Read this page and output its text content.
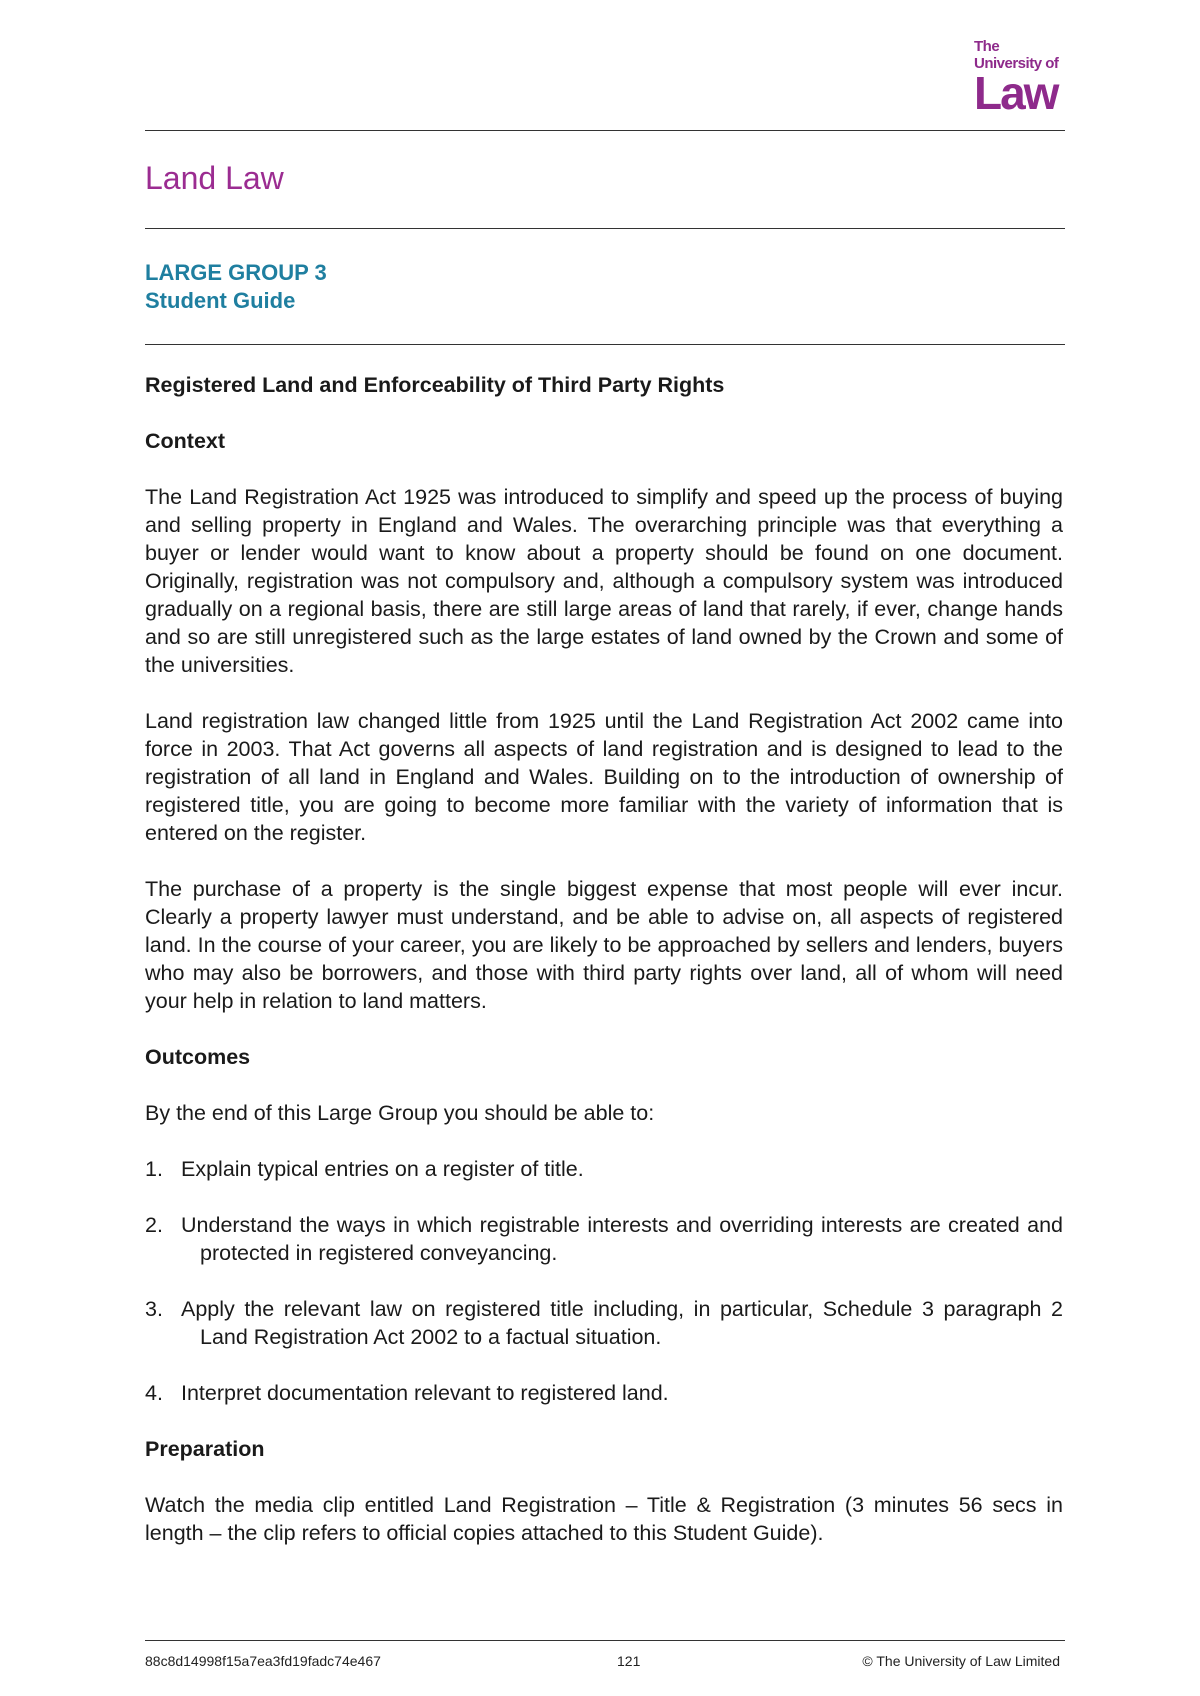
The
University of
Law
Land Law
LARGE GROUP 3
Student Guide
Registered Land and Enforceability of Third Party Rights
Context

The Land Registration Act 1925 was introduced to simplify and speed up the process of buying and selling property in England and Wales. The overarching principle was that everything a buyer or lender would want to know about a property should be found on one document. Originally, registration was not compulsory and, although a compulsory system was introduced gradually on a regional basis, there are still large areas of land that rarely, if ever, change hands and so are still unregistered such as the large estates of land owned by the Crown and some of the universities.

Land registration law changed little from 1925 until the Land Registration Act 2002 came into force in 2003. That Act governs all aspects of land registration and is designed to lead to the registration of all land in England and Wales. Building on to the introduction of ownership of registered title, you are going to become more familiar with the variety of information that is entered on the register.

The purchase of a property is the single biggest expense that most people will ever incur. Clearly a property lawyer must understand, and be able to advise on, all aspects of registered land. In the course of your career, you are likely to be approached by sellers and lenders, buyers who may also be borrowers, and those with third party rights over land, all of whom will need your help in relation to land matters.

Outcomes

By the end of this Large Group you should be able to:

1. Explain typical entries on a register of title.
2. Understand the ways in which registrable interests and overriding interests are created and protected in registered conveyancing.
3. Apply the relevant law on registered title including, in particular, Schedule 3 paragraph 2 Land Registration Act 2002 to a factual situation.
4. Interpret documentation relevant to registered land.
Preparation

Watch the media clip entitled Land Registration – Title & Registration (3 minutes 56 secs in length – the clip refers to official copies attached to this Student Guide).

88c8d14998f15a7ea3fd19fadc74e467	121	© The University of Law Limited
